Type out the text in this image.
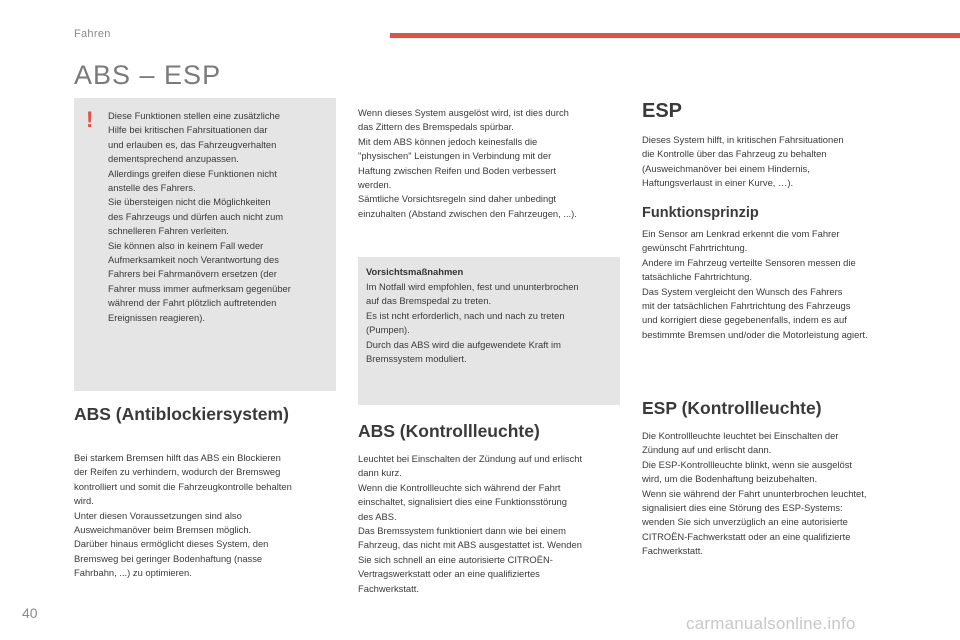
Fahren
ABS – ESP
! Diese Funktionen stellen eine zusätzliche
Hilfe bei kritischen Fahrsituationen dar
und erlauben es, das Fahrzeugverhalten
dementsprechend anzupassen.
Allerdings greifen diese Funktionen nicht
anstelle des Fahrers.
Sie übersteigen nicht die Möglichkeiten
des Fahrzeugs und dürfen auch nicht zum
schnelleren Fahren verleiten.
Sie können also in keinem Fall weder
Aufmerksamkeit noch Verantwortung des
Fahrers bei Fahrmanövern ersetzen (der
Fahrer muss immer aufmerksam gegenüber
während der Fahrt plötzlich auftretenden
Ereignissen reagieren).
Wenn dieses System ausgelöst wird, ist dies durch
das Zittern des Bremspedals spürbar.
Mit dem ABS können jedoch keinesfalls die
"physischen" Leistungen in Verbindung mit der
Haftung zwischen Reifen und Boden verbessert
werden.
Sämtliche Vorsichtsregeln sind daher unbedingt
einzuhalten (Abstand zwischen den Fahrzeugen, ...).
Vorsichtsmaßnahmen
Im Notfall wird empfohlen, fest und ununterbrochen
auf das Bremspedal zu treten.
Es ist ncht erforderlich, nach und nach zu treten
(Pumpen).
Durch das ABS wird die aufgewendete Kraft im
Bremssystem moduliert.
ABS (Antiblockiersystem)
Bei starkem Bremsen hilft das ABS ein Blockieren
der Reifen zu verhindern, wodurch der Bremsweg
kontrolliert und somit die Fahrzeugkontrolle behalten
wird.
Unter diesen Voraussetzungen sind also
Ausweichmanöver beim Bremsen möglich.
Darüber hinaus ermöglicht dieses System, den
Bremsweg bei geringer Bodenhaftung (nasse
Fahrbahn, ...) zu optimieren.
ABS (Kontrollleuchte)
Leuchtet bei Einschalten der Zündung auf und erlischt
dann kurz.
Wenn die Kontrollleuchte sich während der Fahrt
einschaltet, signalisiert dies eine Funktionsstörung
des ABS.
Das Bremssystem funktioniert dann wie bei einem
Fahrzeug, das nicht mit ABS ausgestattet ist. Wenden
Sie sich schnell an eine autorisierte CITROËN-
Vertragswerkstatt oder an eine qualifiziertes
Fachwerkstatt.
ESP
Dieses System hilft, in kritischen Fahrsituationen
die Kontrolle über das Fahrzeug zu behalten
(Ausweichmanöver bei einem Hindernis,
Haftungsverlaust in einer Kurve, …).
Funktionsprinzip
Ein Sensor am Lenkrad erkennt die vom Fahrer
gewünscht Fahrtrichtung.
Andere im Fahrzeug verteilte Sensoren messen die
tatsächliche Fahrtrichtung.
Das System vergleicht den Wunsch des Fahrers
mit der tatsächlichen Fahrtrichtung des Fahrzeugs
und korrigiert diese gegebenenfalls, indem es auf
bestimmte Bremsen und/oder die Motorleistung agiert.
ESP (Kontrollleuchte)
Die Kontrollleuchte leuchtet bei Einschalten der
Zündung auf und erlischt dann.
Die ESP-Kontrollleuchte blinkt, wenn sie ausgelöst
wird, um die Bodenhaftung beizubehalten.
Wenn sie während der Fahrt ununterbrochen leuchtet,
signalisiert dies eine Störung des ESP-Systems:
wenden Sie sich unverzüglich an eine autorisierte
CITROËN-Fachwerkstatt oder an eine qualifizierte
Fachwerkstatt.
40
carmanualsonline.info
